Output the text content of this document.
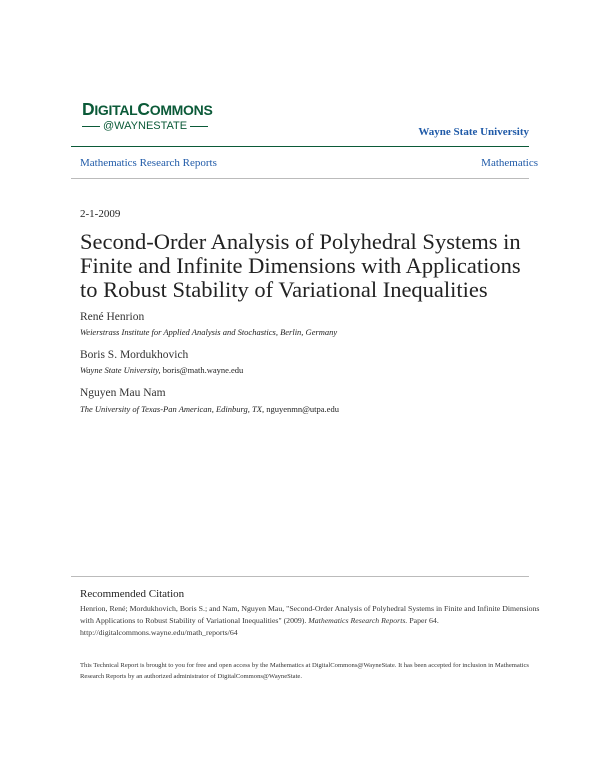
DIGITALCOMMONS
@WAYNESTATE	Wayne State University
Mathematics Research Reports	Mathematics
2-1-2009
Second-Order Analysis of Polyhedral Systems in Finite and Infinite Dimensions with Applications to Robust Stability of Variational Inequalities
René Henrion
Weierstrass Institute for Applied Analysis and Stochastics, Berlin, Germany
Boris S. Mordukhovich
Wayne State University, boris@math.wayne.edu
Nguyen Mau Nam
The University of Texas-Pan American, Edinburg, TX, nguyenmn@utpa.edu
Recommended Citation
Henrion, René; Mordukhovich, Boris S.; and Nam, Nguyen Mau, "Second-Order Analysis of Polyhedral Systems in Finite and Infinite Dimensions with Applications to Robust Stability of Variational Inequalities" (2009). Mathematics Research Reports. Paper 64.
http://digitalcommons.wayne.edu/math_reports/64
This Technical Report is brought to you for free and open access by the Mathematics at DigitalCommons@WayneState. It has been accepted for inclusion in Mathematics Research Reports by an authorized administrator of DigitalCommons@WayneState.
